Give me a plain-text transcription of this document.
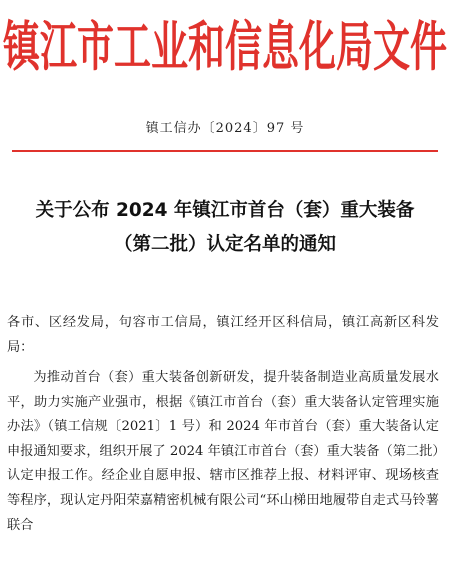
镇江市工业和信息化局文件
镇工信办〔2024〕97 号
关于公布 2024 年镇江市首台（套）重大装备
（第二批）认定名单的通知
各市、区经发局，句容市工信局，镇江经开区科信局，镇江高新区科发局：
为推动首台（套）重大装备创新研发，提升装备制造业高质量发展水平，助力实施产业强市，根据《镇江市首台（套）重大装备认定管理实施办法》（镇工信规〔2021〕1 号）和 2024 年市首台（套）重大装备认定申报通知要求，组织开展了 2024 年镇江市首台（套）重大装备（第二批）认定申报工作。经企业自愿申报、辖市区推荐上报、材料评审、现场核查等程序，现认定丹阳荣嘉精密机械有限公司“环山梯田地履带自走式马铃薯联合
